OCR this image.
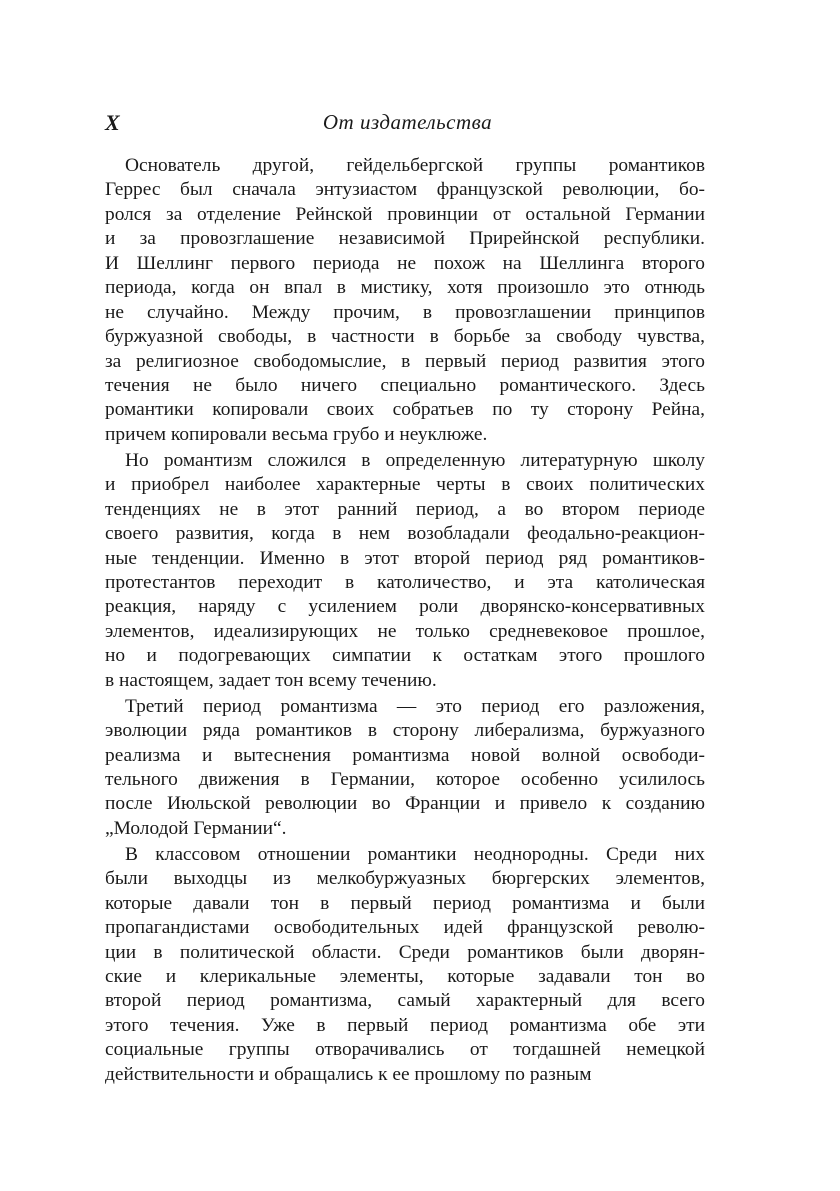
X	От издательства
Основатель другой, гейдельбергской группы романтиков
Геррес был сначала энтузиастом французской революции, бо-
ролся за отделение Рейнской провинции от остальной Германии
и за провозглашение независимой Прирейнской республики.
И Шеллинг первого периода не похож на Шеллинга второго
периода, когда он впал в мистику, хотя произошло это отнюдь
не случайно. Между прочим, в провозглашении принципов
буржуазной свободы, в частности в борьбе за свободу чувства,
за религиозное свободомыслие, в первый период развития этого
течения не было ничего специально романтического. Здесь
романтики копировали своих собратьев по ту сторону Рейна,
причем копировали весьма грубо и неуклюже.
Но романтизм сложился в определенную литературную школу
и приобрел наиболее характерные черты в своих политических
тенденциях не в этот ранний период, а во втором периоде
своего развития, когда в нем возобладали феодально-реакцион-
ные тенденции. Именно в этот второй период ряд романтиков-
протестантов переходит в католичество, и эта католическая
реакция, наряду с усилением роли дворянско-консервативных
элементов, идеализирующих не только средневековое прошлое,
но и подогревающих симпатии к остаткам этого прошлого
в настоящем, задает тон всему течению.
Третий период романтизма — это период его разложения,
эволюции ряда романтиков в сторону либерализма, буржуазного
реализма и вытеснения романтизма новой волной освободи-
тельного движения в Германии, которое особенно усилилось
после Июльской революции во Франции и привело к созданию
„Молодой Германии“.
В классовом отношении романтики неоднородны. Среди них
были выходцы из мелкобуржуазных бюргерских элементов,
которые давали тон в первый период романтизма и были
пропагандистами освободительных идей французской револю-
ции в политической области. Среди романтиков были дворян-
ские и клерикальные элементы, которые задавали тон во
второй период романтизма, самый характерный для всего
этого течения. Уже в первый период романтизма обе эти
социальные группы отворачивались от тогдашней немецкой
действительности и обращались к ее прошлому по разным
